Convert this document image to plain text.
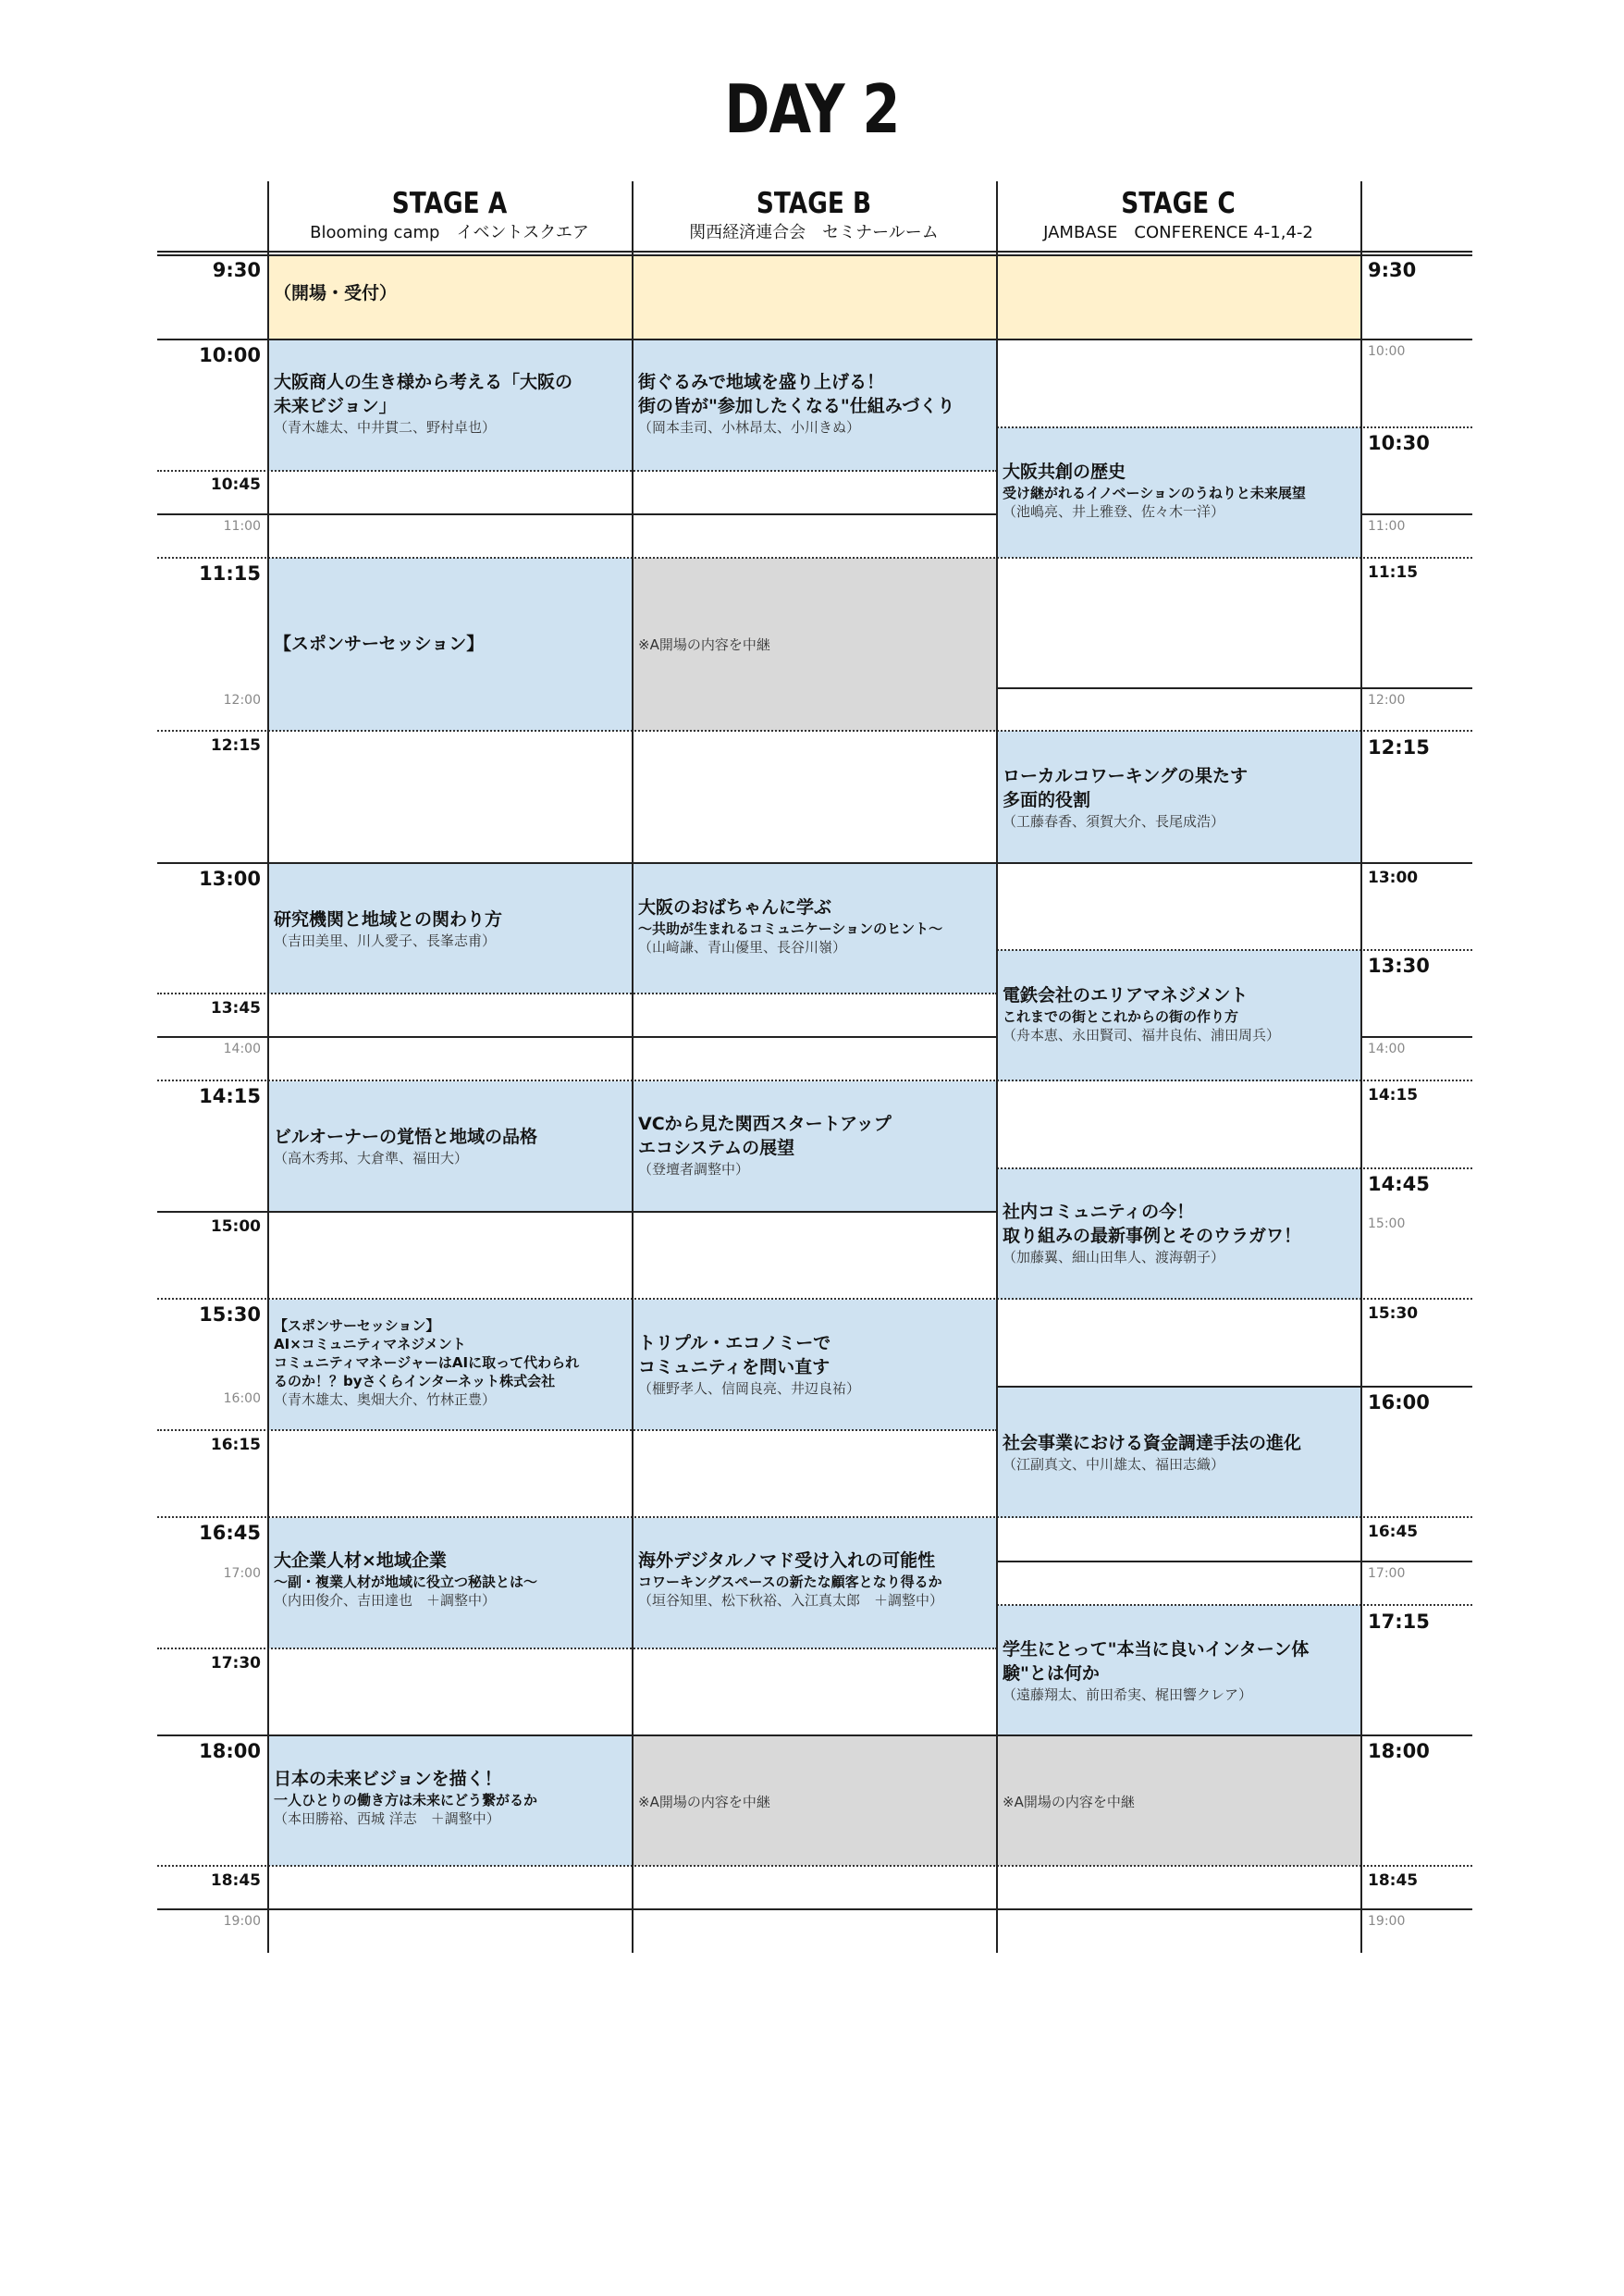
DAY 2
STAGE A
Blooming camp　イベントスクエア
STAGE B
関西経済連合会　セミナールーム
STAGE C
JAMBASE　CONFERENCE 4-1,4-2
9:30
10:00
10:45
11:00
11:15
12:00
12:15
13:00
13:45
14:00
14:15
15:00
15:30
16:00
16:15
16:45
17:00
17:30
18:00
18:45
19:00
9:30
10:00
10:30
11:00
11:15
12:00
12:15
13:00
13:30
14:00
14:15
14:45
15:00
15:30
16:00
16:45
17:00
17:15
18:00
18:45
19:00
（開場・受付）
大阪商人の生き様から考える「大阪の
未来ビジョン」
（青木雄太、中井貫二、野村卓也）
【スポンサーセッション】
研究機関と地域との関わり方
（吉田美里、川人愛子、長峯志甫）
ビルオーナーの覚悟と地域の品格
（高木秀邦、大倉準、福田大）
【スポンサーセッション】
AI×コミュニティマネジメント
コミュニティマネージャーはAIに取って代わられ
るのか！？byさくらインターネット株式会社
（青木雄太、奥畑大介、竹林正豊）
大企業人材×地域企業
〜副・複業人材が地域に役立つ秘訣とは〜
（内田俊介、吉田達也　＋調整中）
日本の未来ビジョンを描く！
一人ひとりの働き方は未来にどう繋がるか
（本田勝裕、西城 洋志　＋調整中）
街ぐるみで地域を盛り上げる！
街の皆が"参加したくなる"仕組みづくり
（岡本圭司、小林昂太、小川きぬ）
※A開場の内容を中継
大阪のおばちゃんに学ぶ
〜共助が生まれるコミュニケーションのヒント〜
（山﨑謙、青山優里、長谷川嶺）
VCから見た関西スタートアップ
エコシステムの展望
（登壇者調整中）
トリプル・エコノミーで
コミュニティを問い直す
（榧野孝人、信岡良亮、井辺良祐）
海外デジタルノマド受け入れの可能性
コワーキングスペースの新たな顧客となり得るか
（垣谷知里、松下秋裕、入江真太郎　＋調整中）
※A開場の内容を中継
大阪共創の歴史
受け継がれるイノベーションのうねりと未来展望
（池嶋亮、井上雅登、佐々木一洋）
ローカルコワーキングの果たす
多面的役割
（工藤春香、須賀大介、長尾成浩）
電鉄会社のエリアマネジメント
これまでの街とこれからの街の作り方
（舟本恵、永田賢司、福井良佑、浦田周兵）
社内コミュニティの今！
取り組みの最新事例とそのウラガワ！
（加藤翼、細山田隼人、渡海朝子）
社会事業における資金調達手法の進化
（江副真文、中川雄太、福田志織）
学生にとって"本当に良いインターン体
験"とは何か
（遠藤翔太、前田希実、梶田響クレア）
※A開場の内容を中継
